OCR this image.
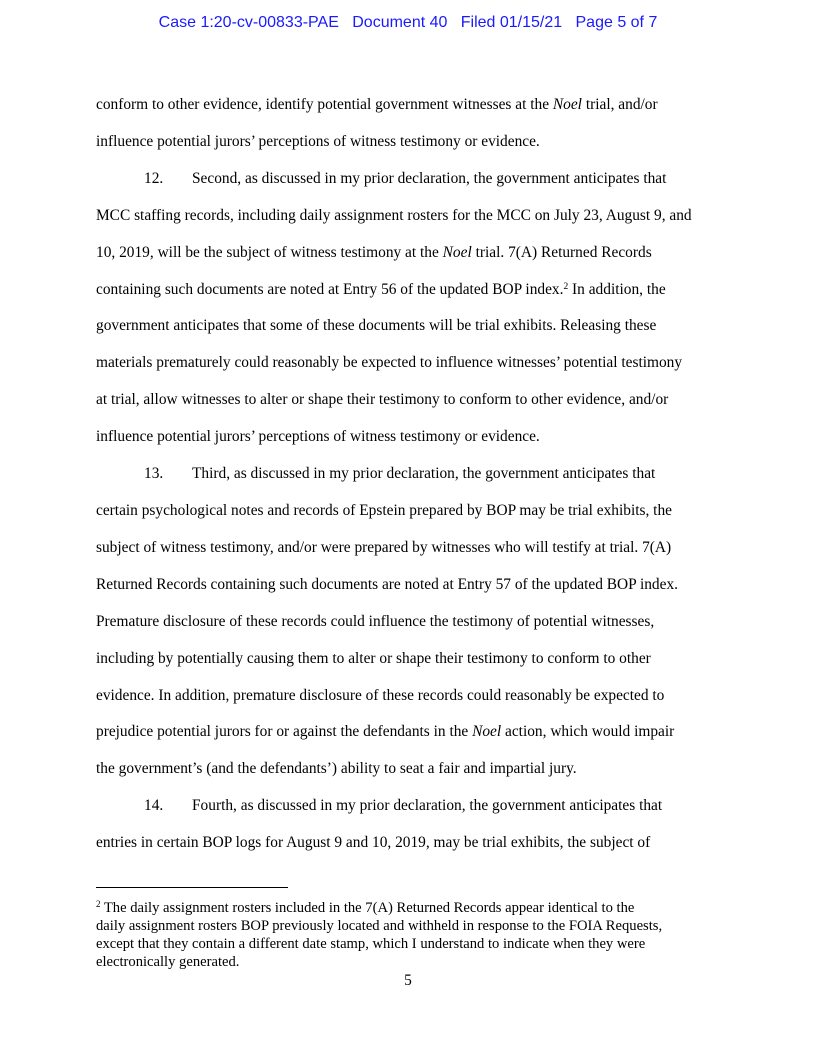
Case 1:20-cv-00833-PAE Document 40 Filed 01/15/21 Page 5 of 7
conform to other evidence, identify potential government witnesses at the Noel trial, and/or
influence potential jurors’ perceptions of witness testimony or evidence.
12. Second, as discussed in my prior declaration, the government anticipates that
MCC staffing records, including daily assignment rosters for the MCC on July 23, August 9, and
10, 2019, will be the subject of witness testimony at the Noel trial. 7(A) Returned Records
containing such documents are noted at Entry 56 of the updated BOP index.$^2$ In addition, the
government anticipates that some of these documents will be trial exhibits. Releasing these
materials prematurely could reasonably be expected to influence witnesses’ potential testimony
at trial, allow witnesses to alter or shape their testimony to conform to other evidence, and/or
influence potential jurors’ perceptions of witness testimony or evidence.
13. Third, as discussed in my prior declaration, the government anticipates that
certain psychological notes and records of Epstein prepared by BOP may be trial exhibits, the
subject of witness testimony, and/or were prepared by witnesses who will testify at trial. 7(A)
Returned Records containing such documents are noted at Entry 57 of the updated BOP index.
Premature disclosure of these records could influence the testimony of potential witnesses,
including by potentially causing them to alter or shape their testimony to conform to other
evidence. In addition, premature disclosure of these records could reasonably be expected to
prejudice potential jurors for or against the defendants in the Noel action, which would impair
the government’s (and the defendants’) ability to seat a fair and impartial jury.
14. Fourth, as discussed in my prior declaration, the government anticipates that
entries in certain BOP logs for August 9 and 10, 2019, may be trial exhibits, the subject of
$^2$ The daily assignment rosters included in the 7(A) Returned Records appear identical to the
daily assignment rosters BOP previously located and withheld in response to the FOIA Requests,
except that they contain a different date stamp, which I understand to indicate when they were
electronically generated.
5
